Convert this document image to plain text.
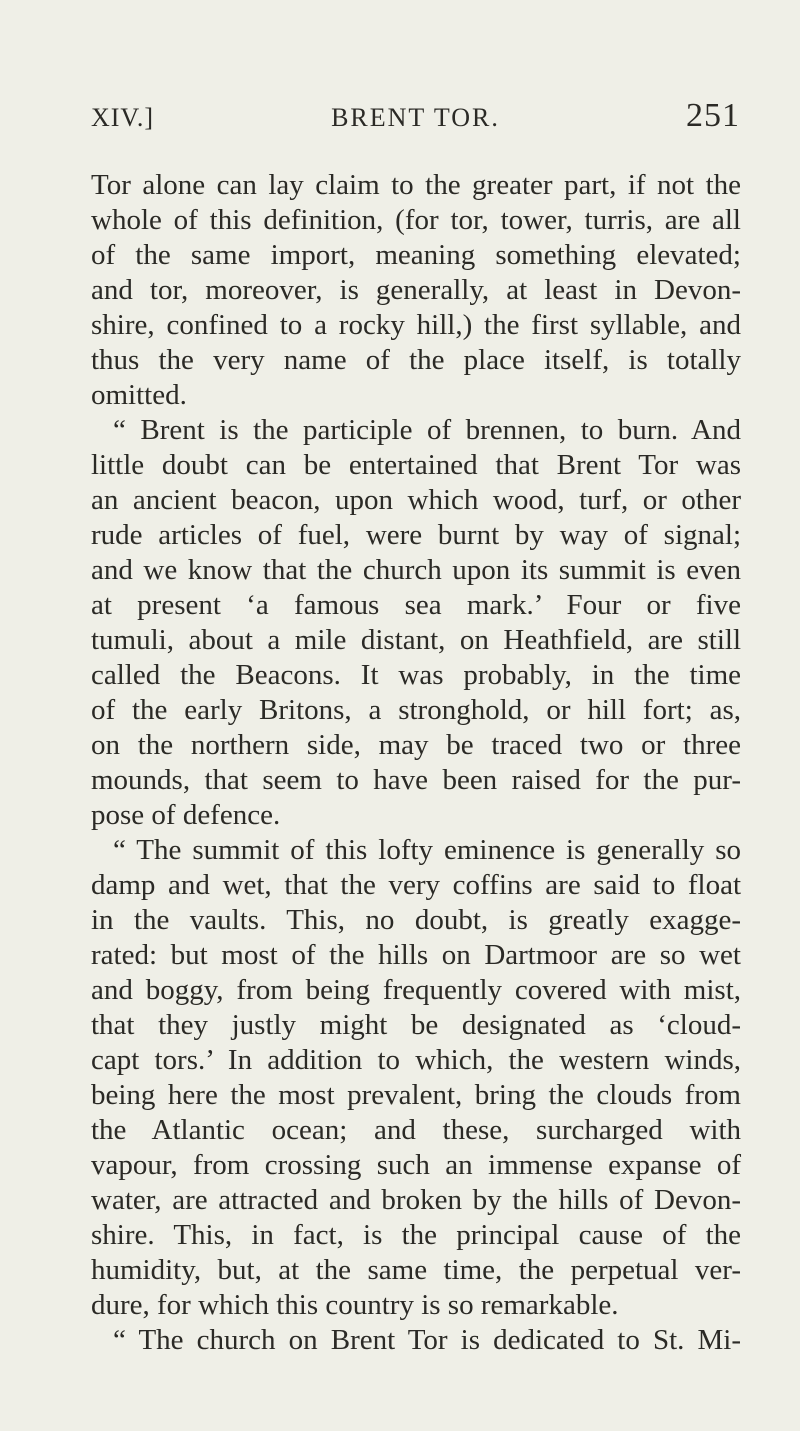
XIV.]	BRENT TOR.	251
Tor alone can lay claim to the greater part, if not the
whole of this definition, (for tor, tower, turris, are all
of the same import, meaning something elevated;
and tor, moreover, is generally, at least in Devon-
shire, confined to a rocky hill,) the first syllable, and
thus the very name of the place itself, is totally
omitted.
“ Brent is the participle of brennen, to burn. And
little doubt can be entertained that Brent Tor was
an ancient beacon, upon which wood, turf, or other
rude articles of fuel, were burnt by way of signal;
and we know that the church upon its summit is even
at present ‘a famous sea mark.’ Four or five
tumuli, about a mile distant, on Heathfield, are still
called the Beacons. It was probably, in the time
of the early Britons, a stronghold, or hill fort; as,
on the northern side, may be traced two or three
mounds, that seem to have been raised for the pur-
pose of defence.
“ The summit of this lofty eminence is generally so
damp and wet, that the very coffins are said to float
in the vaults. This, no doubt, is greatly exagge-
rated: but most of the hills on Dartmoor are so wet
and boggy, from being frequently covered with mist,
that they justly might be designated as ‘cloud-
capt tors.’ In addition to which, the western winds,
being here the most prevalent, bring the clouds from
the Atlantic ocean; and these, surcharged with
vapour, from crossing such an immense expanse of
water, are attracted and broken by the hills of Devon-
shire. This, in fact, is the principal cause of the
humidity, but, at the same time, the perpetual ver-
dure, for which this country is so remarkable.
“ The church on Brent Tor is dedicated to St. Mi-
